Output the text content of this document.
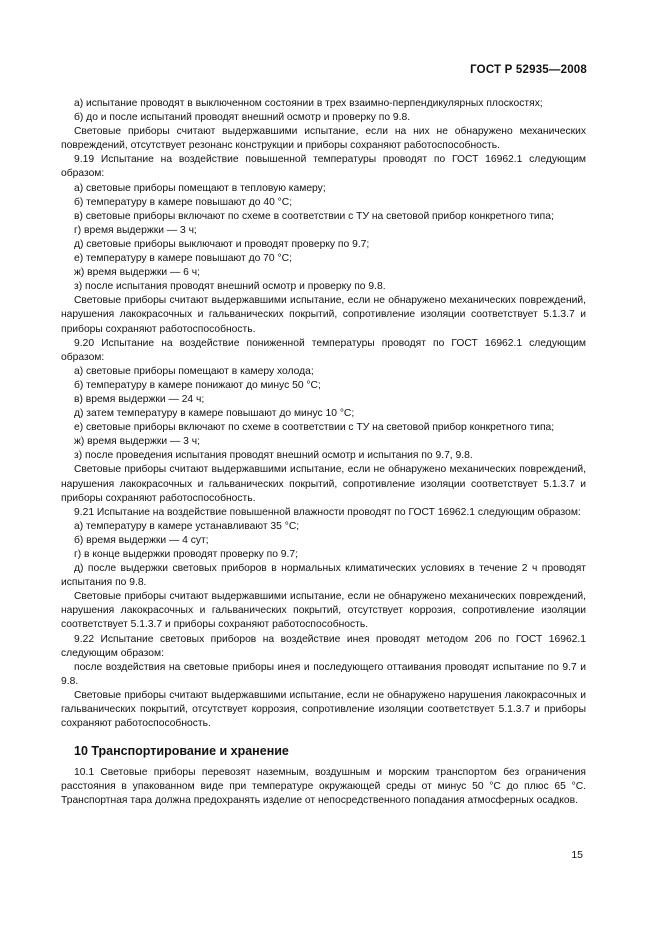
ГОСТ Р 52935—2008
а) испытание проводят в выключенном состоянии в трех взаимно-перпендикулярных плоскостях;
б) до и после испытаний проводят внешний осмотр и проверку по 9.8.
Световые приборы считают выдержавшими испытание, если на них не обнаружено механических повреждений, отсутствует резонанс конструкции и приборы сохраняют работоспособность.
9.19 Испытание на воздействие повышенной температуры проводят по ГОСТ 16962.1 следующим образом:
а) световые приборы помещают в тепловую камеру;
б) температуру в камере повышают до 40 °С;
в) световые приборы включают по схеме в соответствии с ТУ на световой прибор конкретного типа;
г) время выдержки — 3 ч;
д) световые приборы выключают и проводят проверку по 9.7;
е) температуру в камере повышают до 70 °С;
ж) время выдержки — 6 ч;
з) после испытания проводят внешний осмотр и проверку по 9.8.
Световые приборы считают выдержавшими испытание, если не обнаружено механических повреждений, нарушения лакокрасочных и гальванических покрытий, сопротивление изоляции соответствует 5.1.3.7 и приборы сохраняют работоспособность.
9.20 Испытание на воздействие пониженной температуры проводят по ГОСТ 16962.1 следующим образом:
а) световые приборы помещают в камеру холода;
б) температуру в камере понижают до минус 50 °С;
в) время выдержки — 24 ч;
д) затем температуру в камере повышают до минус 10 °С;
е) световые приборы включают по схеме в соответствии с ТУ на световой прибор конкретного типа;
ж) время выдержки — 3 ч;
з) после проведения испытания проводят внешний осмотр и испытания по 9.7, 9.8.
Световые приборы считают выдержавшими испытание, если не обнаружено механических повреждений, нарушения лакокрасочных и гальванических покрытий, сопротивление изоляции соответствует 5.1.3.7 и приборы сохраняют работоспособность.
9.21 Испытание на воздействие повышенной влажности проводят по ГОСТ 16962.1 следующим образом:
а) температуру в камере устанавливают 35 °С;
б) время выдержки — 4 сут;
г) в конце выдержки проводят проверку по 9.7;
д) после выдержки световых приборов в нормальных климатических условиях в течение 2 ч проводят испытания по 9.8.
Световые приборы считают выдержавшими испытание, если не обнаружено механических повреждений, нарушения лакокрасочных и гальванических покрытий, отсутствует коррозия, сопротивление изоляции соответствует 5.1.3.7 и приборы сохраняют работоспособность.
9.22 Испытание световых приборов на воздействие инея проводят методом 206 по ГОСТ 16962.1 следующим образом:
после воздействия на световые приборы инея и последующего оттаивания проводят испытание по 9.7 и 9.8.
Световые приборы считают выдержавшими испытание, если не обнаружено нарушения лакокрасочных и гальванических покрытий, отсутствует коррозия, сопротивление изоляции соответствует 5.1.3.7 и приборы сохраняют работоспособность.
10 Транспортирование и хранение
10.1 Световые приборы перевозят наземным, воздушным и морским транспортом без ограничения расстояния в упакованном виде при температуре окружающей среды от минус 50 °С до плюс 65 °С. Транспортная тара должна предохранять изделие от непосредственного попадания атмосферных осадков.
15
